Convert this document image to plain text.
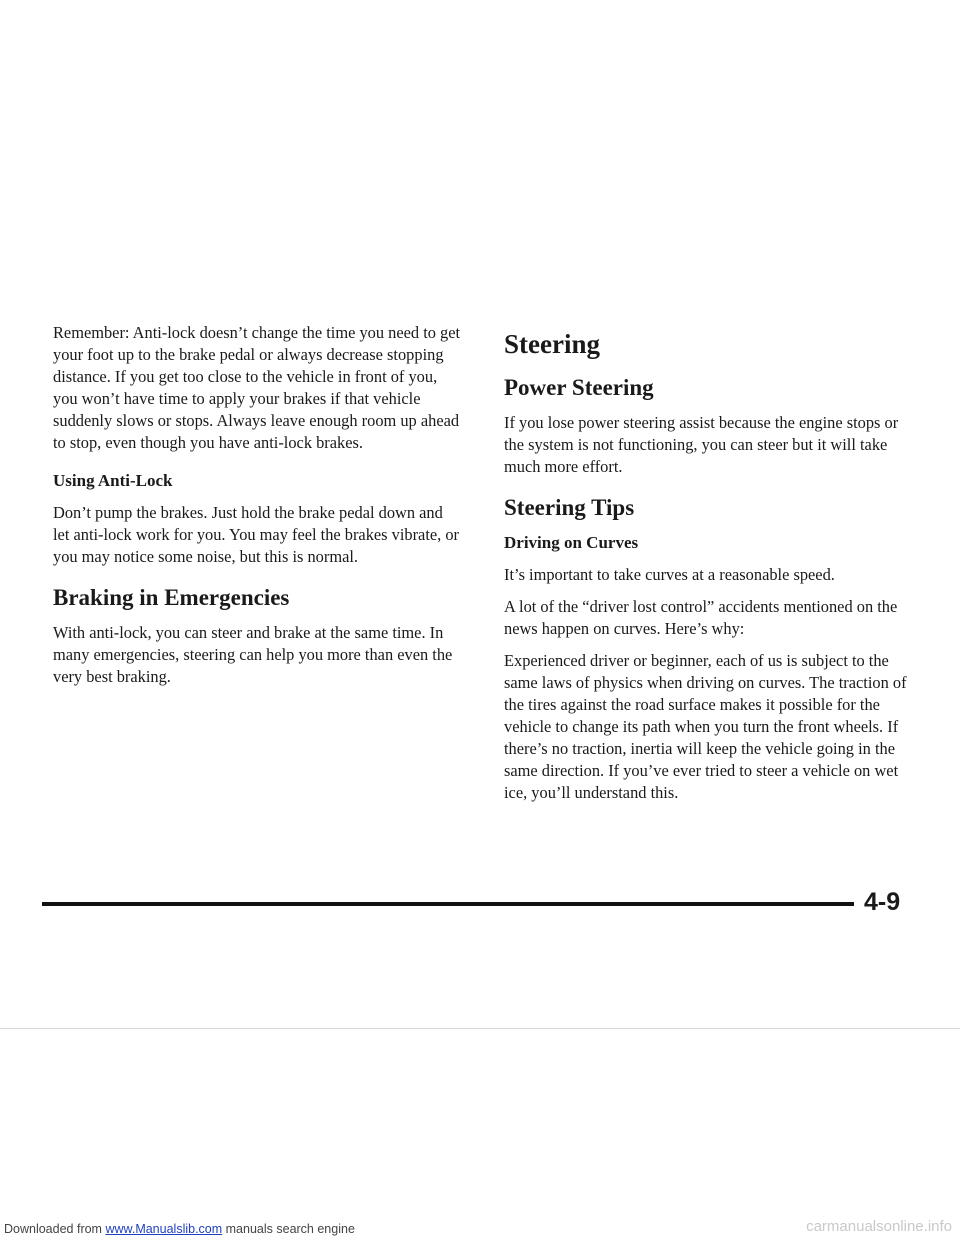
Remember: Anti-lock doesn’t change the time you need to get your foot up to the brake pedal or always decrease stopping distance. If you get too close to the vehicle in front of you, you won’t have time to apply your brakes if that vehicle suddenly slows or stops. Always leave enough room up ahead to stop, even though you have anti-lock brakes.

Using Anti-Lock

Don’t pump the brakes. Just hold the brake pedal down and let anti-lock work for you. You may feel the brakes vibrate, or you may notice some noise, but this is normal.

Braking in Emergencies

With anti-lock, you can steer and brake at the same time. In many emergencies, steering can help you more than even the very best braking.

Steering
Power Steering

If you lose power steering assist because the engine stops or the system is not functioning, you can steer but it will take much more effort.

Steering Tips
Driving on Curves

It’s important to take curves at a reasonable speed.

A lot of the “driver lost control” accidents mentioned on the news happen on curves. Here’s why:

Experienced driver or beginner, each of us is subject to the same laws of physics when driving on curves. The traction of the tires against the road surface makes it possible for the vehicle to change its path when you turn the front wheels. If there’s no traction, inertia will keep the vehicle going in the same direction. If you’ve ever tried to steer a vehicle on wet ice, you’ll understand this.

4-9
Downloaded from www.Manualslib.com manuals search engine	carmanualsonline.info
